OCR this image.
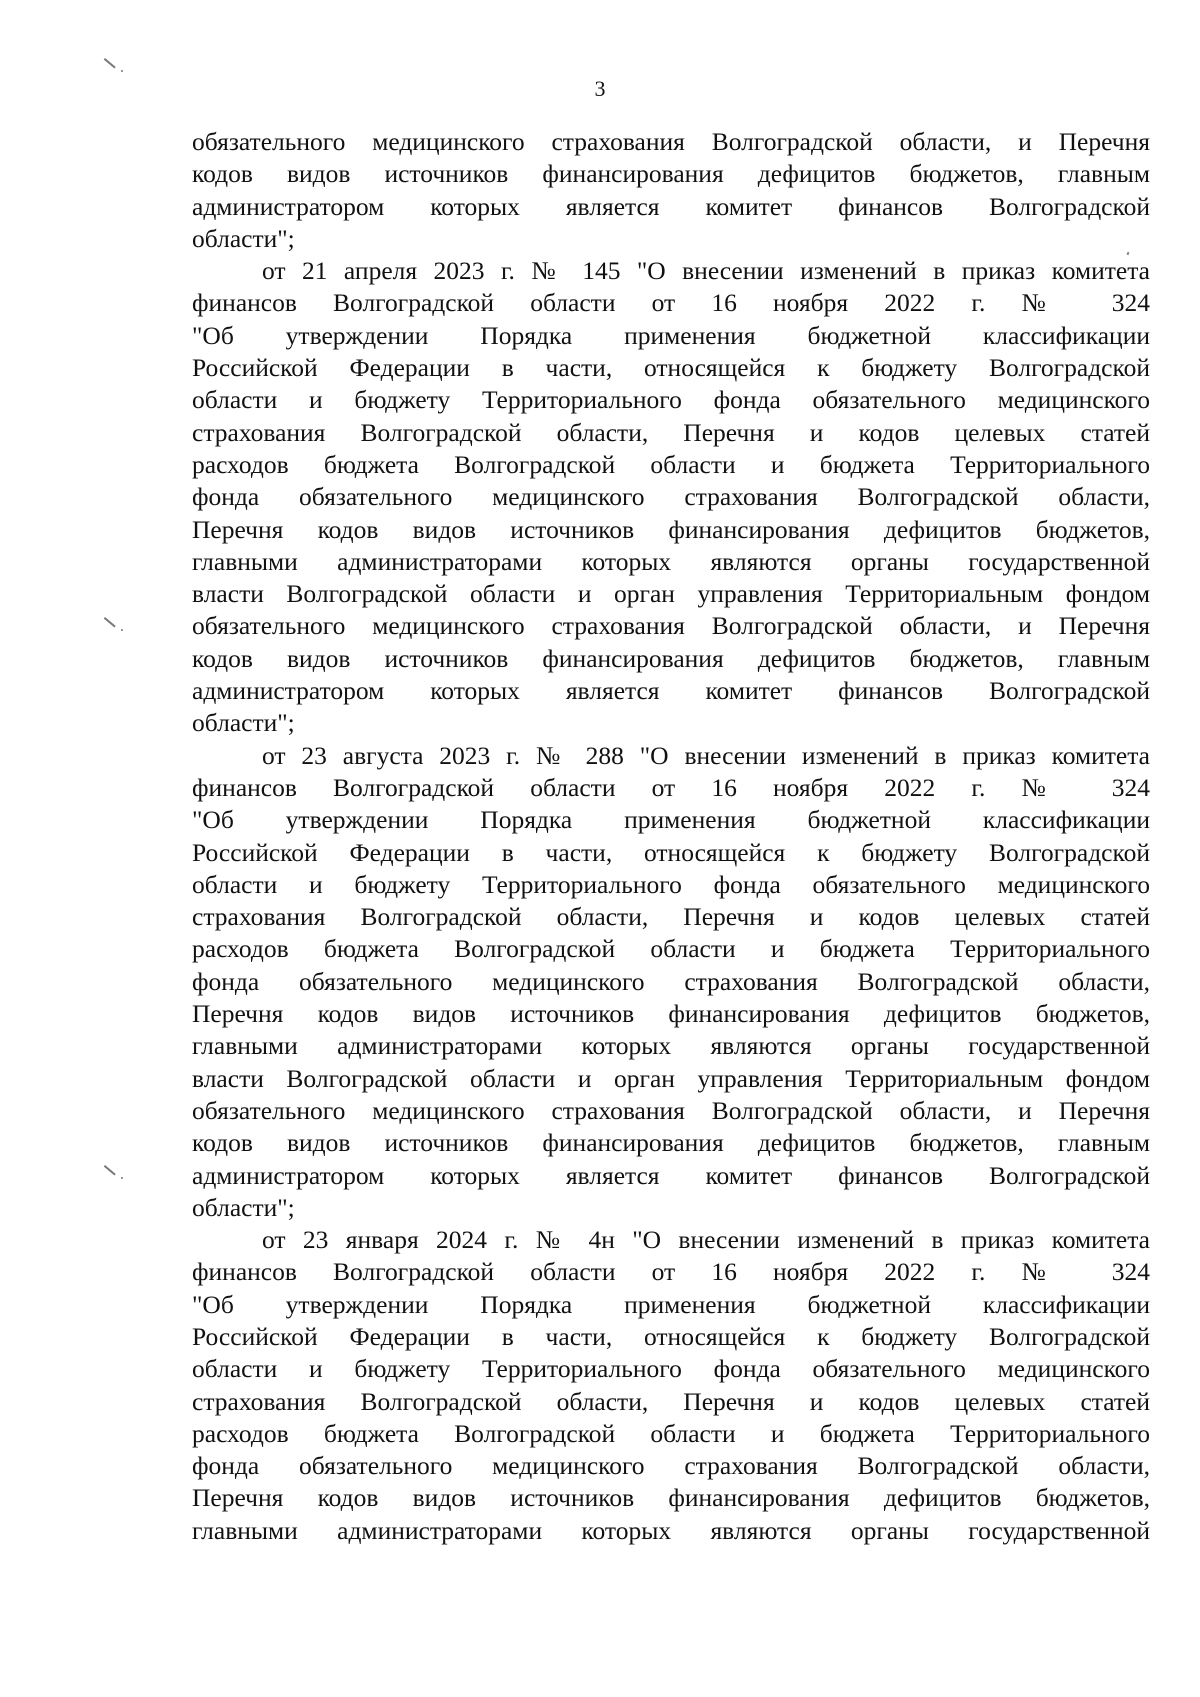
3
обязательного медицинского страхования Волгоградской области, и Перечня
кодов видов источников финансирования дефицитов бюджетов, главным
администратором которых является комитет финансов Волгоградской
области";
от 21 апреля 2023 г. № 145 "О внесении изменений в приказ комитета
финансов Волгоградской области от 16 ноября 2022 г. № 324
"Об утверждении Порядка применения бюджетной классификации
Российской Федерации в части, относящейся к бюджету Волгоградской
области и бюджету Территориального фонда обязательного медицинского
страхования Волгоградской области, Перечня и кодов целевых статей
расходов бюджета Волгоградской области и бюджета Территориального
фонда обязательного медицинского страхования Волгоградской области,
Перечня кодов видов источников финансирования дефицитов бюджетов,
главными администраторами которых являются органы государственной
власти Волгоградской области и орган управления Территориальным фондом
обязательного медицинского страхования Волгоградской области, и Перечня
кодов видов источников финансирования дефицитов бюджетов, главным
администратором которых является комитет финансов Волгоградской
области";
от 23 августа 2023 г. № 288 "О внесении изменений в приказ комитета
финансов Волгоградской области от 16 ноября 2022 г. № 324
"Об утверждении Порядка применения бюджетной классификации
Российской Федерации в части, относящейся к бюджету Волгоградской
области и бюджету Территориального фонда обязательного медицинского
страхования Волгоградской области, Перечня и кодов целевых статей
расходов бюджета Волгоградской области и бюджета Территориального
фонда обязательного медицинского страхования Волгоградской области,
Перечня кодов видов источников финансирования дефицитов бюджетов,
главными администраторами которых являются органы государственной
власти Волгоградской области и орган управления Территориальным фондом
обязательного медицинского страхования Волгоградской области, и Перечня
кодов видов источников финансирования дефицитов бюджетов, главным
администратором которых является комитет финансов Волгоградской
области";
от 23 января 2024 г. № 4н "О внесении изменений в приказ комитета
финансов Волгоградской области от 16 ноября 2022 г. № 324
"Об утверждении Порядка применения бюджетной классификации
Российской Федерации в части, относящейся к бюджету Волгоградской
области и бюджету Территориального фонда обязательного медицинского
страхования Волгоградской области, Перечня и кодов целевых статей
расходов бюджета Волгоградской области и бюджета Территориального
фонда обязательного медицинского страхования Волгоградской области,
Перечня кодов видов источников финансирования дефицитов бюджетов,
главными администраторами которых являются органы государственной
